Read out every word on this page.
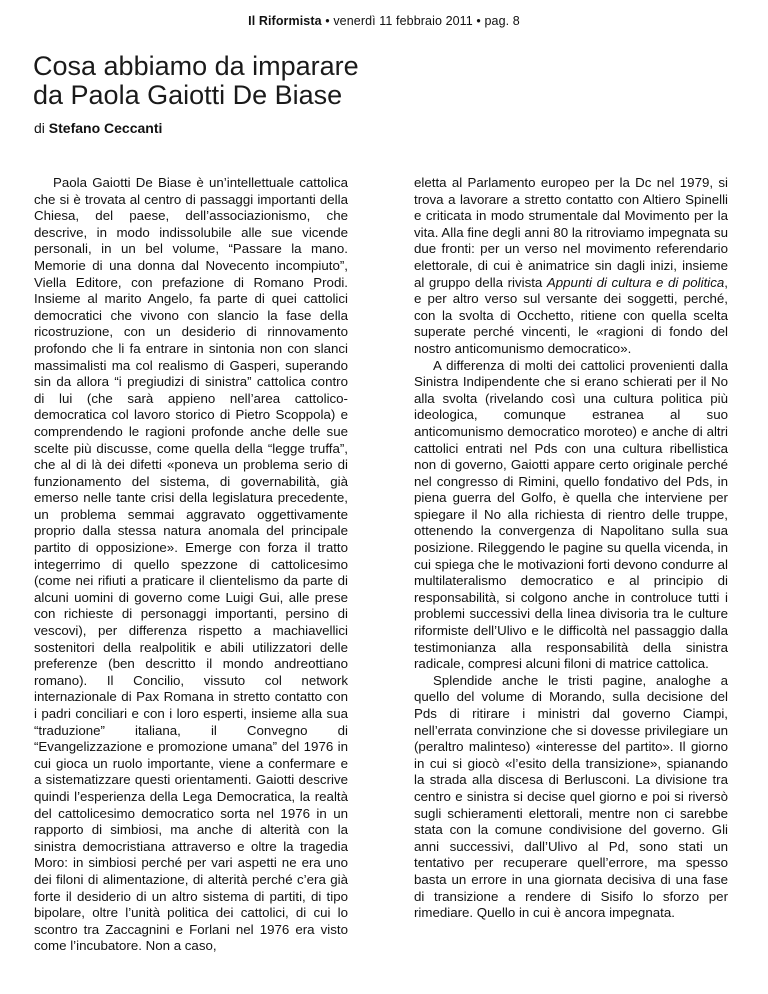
Il Riformista • venerdì 11 febbraio 2011 • pag. 8
Cosa abbiamo da imparare
da Paola Gaiotti De Biase
di Stefano Ceccanti

Paola Gaiotti De Biase è un’intellettuale cattolica che si è trovata al centro di passaggi importanti della Chiesa, del paese, dell’associazionismo, che descrive, in modo indissolubile alle sue vicende personali, in un bel volume, “Passare la mano. Memorie di una donna dal Novecento incompiuto”, Viella Editore, con prefazione di Romano Prodi. Insieme al marito Angelo, fa parte di quei cattolici democratici che vivono con slancio la fase della ricostruzione, con un desiderio di rinnovamento profondo che li fa entrare in sintonia non con slanci massimalisti ma col realismo di Gasperi, superando sin da allora “i pregiudizi di sinistra” cattolica contro di lui (che sarà appieno nell’area cattolico-democratica col lavoro storico di Pietro Scoppola) e comprendendo le ragioni profonde anche delle sue scelte più discusse, come quella della “legge truffa”, che al di là dei difetti «poneva un problema serio di funzionamento del sistema, di governabilità, già emerso nelle tante crisi della legislatura precedente, un problema semmai aggravato oggettivamente proprio dalla stessa natura anomala del principale partito di opposizione». Emerge con forza il tratto integerrimo di quello spezzone di cattolicesimo (come nei rifiuti a praticare il clientelismo da parte di alcuni uomini di governo come Luigi Gui, alle prese con richieste di personaggi importanti, persino di vescovi), per differenza rispetto a machiavellici sostenitori della realpolitik e abili utilizzatori delle preferenze (ben descritto il mondo andreottiano romano). Il Concilio, vissuto col network internazionale di Pax Romana in stretto contatto con i padri conciliari e con i loro esperti, insieme alla sua “traduzione” italiana, il Convegno di “Evangelizzazione e promozione umana” del 1976 in cui gioca un ruolo importante, viene a confermare e a sistematizzare questi orientamenti. Gaiotti descrive quindi l’esperienza della Lega Democratica, la realtà del cattolicesimo democratico sorta nel 1976 in un rapporto di simbiosi, ma anche di alterità con la sinistra democristiana attraverso e oltre la tragedia Moro: in simbiosi perché per vari aspetti ne era uno dei filoni di alimentazione, di alterità perché c’era già forte il desiderio di un altro sistema di partiti, di tipo bipolare, oltre l’unità politica dei cattolici, di cui lo scontro tra Zaccagnini e Forlani nel 1976 era visto come l’incubatore. Non a caso,

eletta al Parlamento europeo per la Dc nel 1979, si trova a lavorare a stretto contatto con Altiero Spinelli e criticata in modo strumentale dal Movimento per la vita. Alla fine degli anni 80 la ritroviamo impegnata su due fronti: per un verso nel movimento referendario elettorale, di cui è animatrice sin dagli inizi, insieme al gruppo della rivista Appunti di cultura e di politica, e per altro verso sul versante dei soggetti, perché, con la svolta di Occhetto, ritiene con quella scelta superate perché vincenti, le «ragioni di fondo del nostro anticomunismo democratico».

A differenza di molti dei cattolici provenienti dalla Sinistra Indipendente che si erano schierati per il No alla svolta (rivelando così una cultura politica più ideologica, comunque estranea al suo anticomunismo democratico moroteo) e anche di altri cattolici entrati nel Pds con una cultura ribellistica non di governo, Gaiotti appare certo originale perché nel congresso di Rimini, quello fondativo del Pds, in piena guerra del Golfo, è quella che interviene per spiegare il No alla richiesta di rientro delle truppe, ottenendo la convergenza di Napolitano sulla sua posizione. Rileggendo le pagine su quella vicenda, in cui spiega che le motivazioni forti devono condurre al multilateralismo democratico e al principio di responsabilità, si colgono anche in controluce tutti i problemi successivi della linea divisoria tra le culture riformiste dell’Ulivo e le difficoltà nel passaggio dalla testimonianza alla responsabilità della sinistra radicale, compresi alcuni filoni di matrice cattolica.

Splendide anche le tristi pagine, analoghe a quello del volume di Morando, sulla decisione del Pds di ritirare i ministri dal governo Ciampi, nell’errata convinzione che si dovesse privilegiare un (peraltro malinteso) «interesse del partito». Il giorno in cui si giocò «l’esito della transizione», spianando la strada alla discesa di Berlusconi. La divisione tra centro e sinistra si decise quel giorno e poi si riversò sugli schieramenti elettorali, mentre non ci sarebbe stata con la comune condivisione del governo. Gli anni successivi, dall’Ulivo al Pd, sono stati un tentativo per recuperare quell’errore, ma spesso basta un errore in una giornata decisiva di una fase di transizione a rendere di Sisifo lo sforzo per rimediare. Quello in cui è ancora impegnata.
